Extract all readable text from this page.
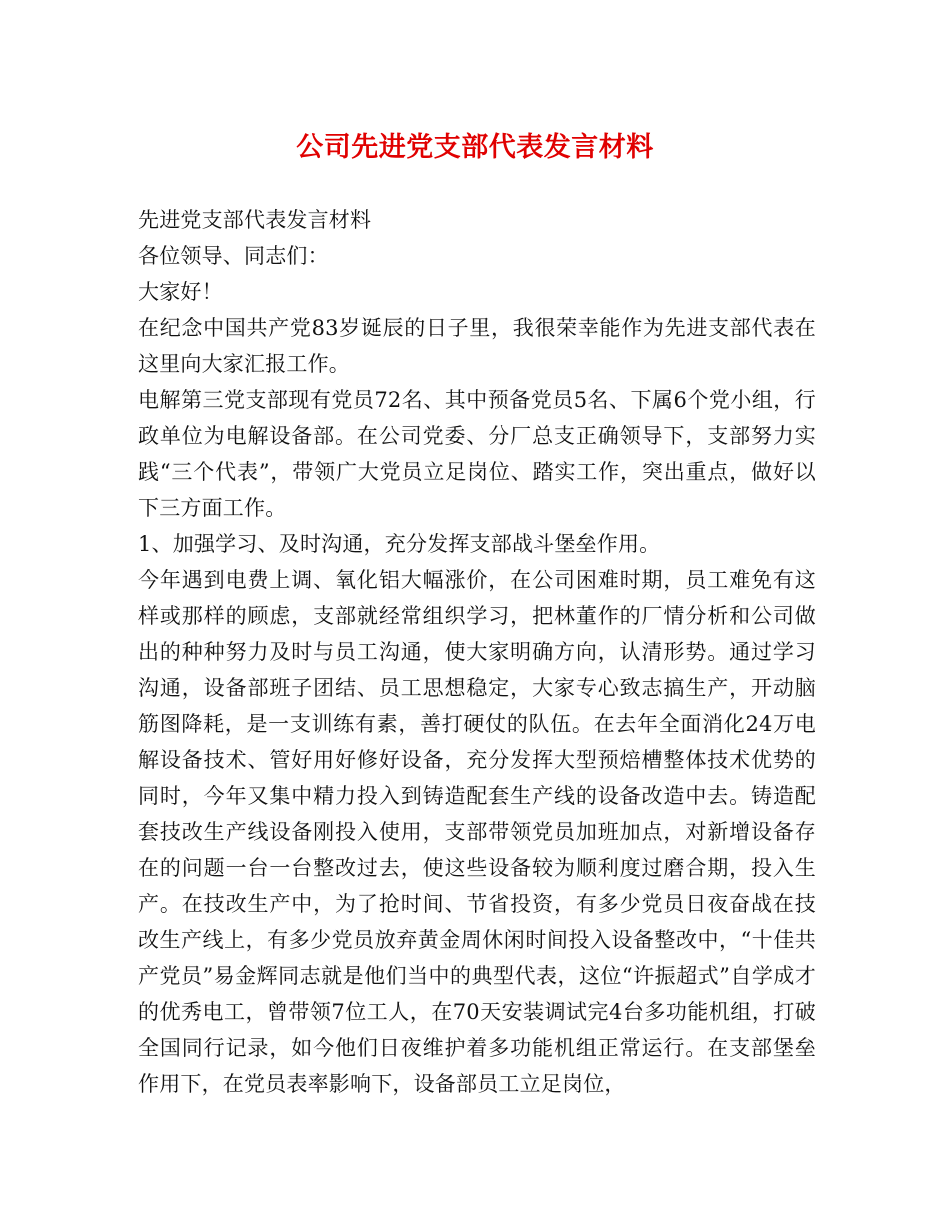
公司先进党支部代表发言材料

先进党支部代表发言材料

各位领导、同志们：

大家好！

在纪念中国共产党83岁诞辰的日子里，我很荣幸能作为先进支部代表在这里向大家汇报工作。

电解第三党支部现有党员72名、其中预备党员5名、下属6个党小组，行政单位为电解设备部。在公司党委、分厂总支正确领导下，支部努力实践“三个代表”，带领广大党员立足岗位、踏实工作，突出重点，做好以下三方面工作。

1、加强学习、及时沟通，充分发挥支部战斗堡垒作用。

今年遇到电费上调、氧化铝大幅涨价，在公司困难时期，员工难免有这样或那样的顾虑，支部就经常组织学习，把林董作的厂情分析和公司做出的种种努力及时与员工沟通，使大家明确方向，认清形势。通过学习沟通，设备部班子团结、员工思想稳定，大家专心致志搞生产，开动脑筋图降耗，是一支训练有素，善打硬仗的队伍。在去年全面消化24万电解设备技术、管好用好修好设备，充分发挥大型预焙槽整体技术优势的同时，今年又集中精力投入到铸造配套生产线的设备改造中去。铸造配套技改生产线设备刚投入使用，支部带领党员加班加点，对新增设备存在的问题一台一台整改过去，使这些设备较为顺利度过磨合期，投入生产。在技改生产中，为了抢时间、节省投资，有多少党员日夜奋战在技改生产线上，有多少党员放弃黄金周休闲时间投入设备整改中，“十佳共产党员”易金辉同志就是他们当中的典型代表，这位“许振超式”自学成才的优秀电工，曾带领7位工人，在70天安装调试完4台多功能机组，打破全国同行记录，如今他们日夜维护着多功能机组正常运行。在支部堡垒作用下，在党员表率影响下，设备部员工立足岗位，
